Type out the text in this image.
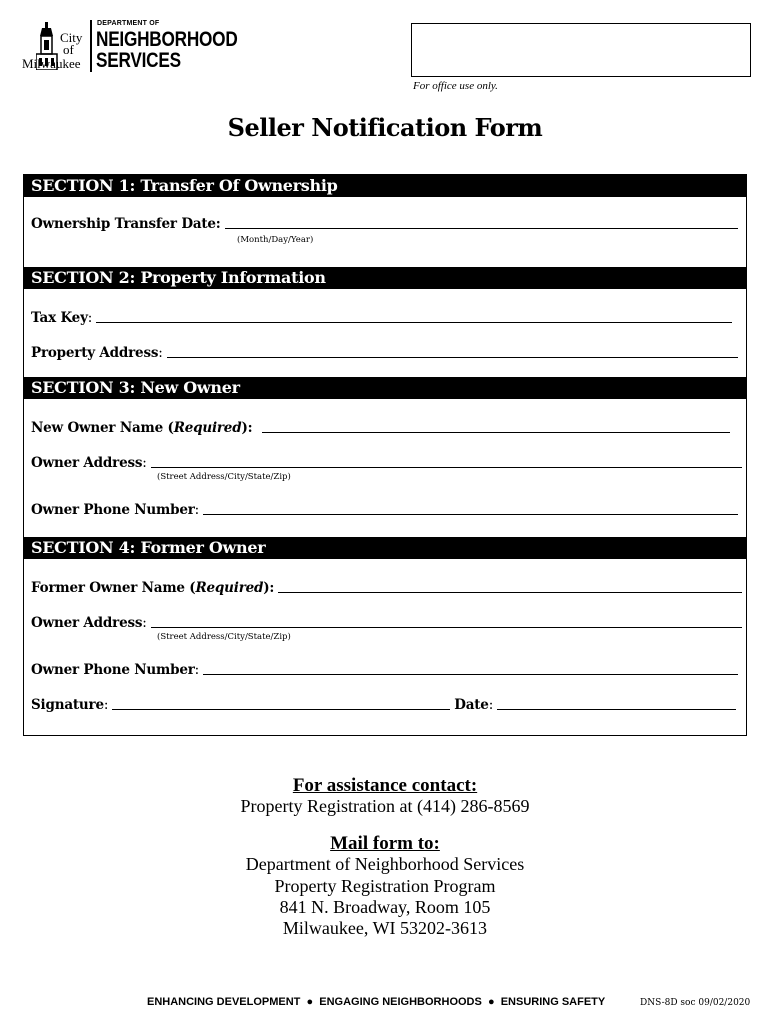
City
of
Milwaukee
DEPARTMENT OF
NEIGHBORHOOD
SERVICES
For office use only.
Seller Notification Form
SECTION 1: Transfer Of Ownership
Ownership Transfer Date:
(Month/Day/Year)
SECTION 2: Property Information
Tax Key:
Property Address:
SECTION 3: New Owner
New Owner Name (Required):
Owner Address:
(Street Address/City/State/Zip)
Owner Phone Number:
SECTION 4: Former Owner
Former Owner Name (Required):
Owner Address:
(Street Address/City/State/Zip)
Owner Phone Number:
Signature:	Date:
For assistance contact:
Property Registration at (414) 286-8569
Mail form to:
Department of Neighborhood Services
Property Registration Program
841 N. Broadway, Room 105
Milwaukee, WI 53202-3613
ENHANCING DEVELOPMENT  ●  ENGAGING NEIGHBORHOODS  ●  ENSURING SAFETY	DNS-8D soc 09/02/2020
